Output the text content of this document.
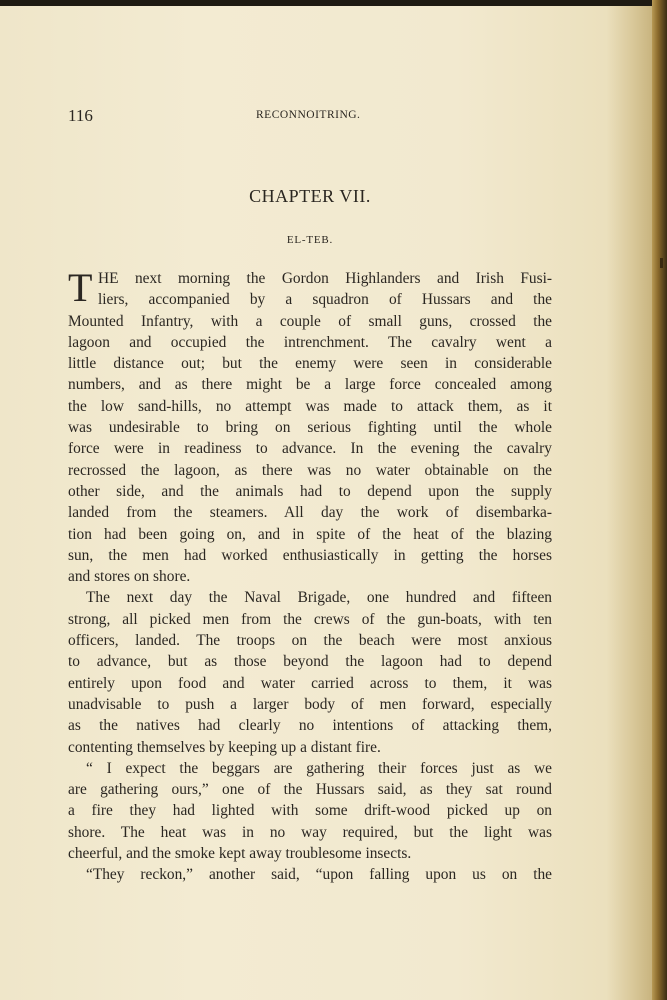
116	RECONNOITRING.
CHAPTER VII.
EL-TEB.
T HE next morning the Gordon Highlanders and Irish Fusi-
liers, accompanied by a squadron of Hussars and the
Mounted Infantry, with a couple of small guns, crossed the
lagoon and occupied the intrenchment. The cavalry went a
little distance out; but the enemy were seen in considerable
numbers, and as there might be a large force concealed among
the low sand-hills, no attempt was made to attack them, as it
was undesirable to bring on serious fighting until the whole
force were in readiness to advance. In the evening the cavalry
recrossed the lagoon, as there was no water obtainable on the
other side, and the animals had to depend upon the supply
landed from the steamers. All day the work of disembarka-
tion had been going on, and in spite of the heat of the blazing
sun, the men had worked enthusiastically in getting the horses
and stores on shore.
The next day the Naval Brigade, one hundred and fifteen
strong, all picked men from the crews of the gun-boats, with ten
officers, landed. The troops on the beach were most anxious
to advance, but as those beyond the lagoon had to depend
entirely upon food and water carried across to them, it was
unadvisable to push a larger body of men forward, especially
as the natives had clearly no intentions of attacking them,
contenting themselves by keeping up a distant fire.
“ I expect the beggars are gathering their forces just as we
are gathering ours,” one of the Hussars said, as they sat round
a fire they had lighted with some drift-wood picked up on
shore. The heat was in no way required, but the light was
cheerful, and the smoke kept away troublesome insects.
“They reckon,” another said, “upon falling upon us on the
